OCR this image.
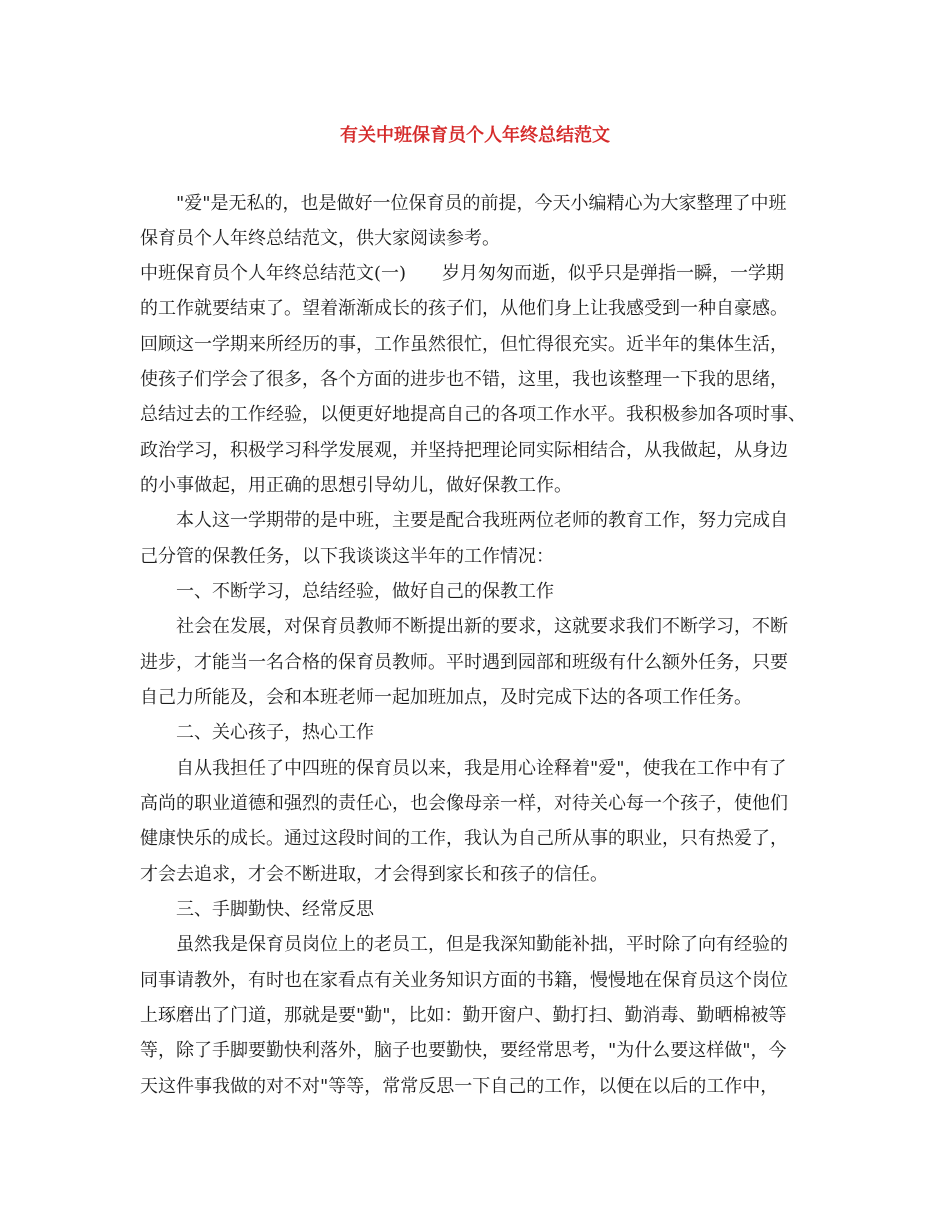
有关中班保育员个人年终总结范文
"爱"是无私的，也是做好一位保育员的前提，今天小编精心为大家整理了中班
保育员个人年终总结范文，供大家阅读参考。
中班保育员个人年终总结范文(一)　　岁月匆匆而逝，似乎只是弹指一瞬，一学期
的工作就要结束了。望着渐渐成长的孩子们，从他们身上让我感受到一种自豪感。
回顾这一学期来所经历的事，工作虽然很忙，但忙得很充实。近半年的集体生活，
使孩子们学会了很多，各个方面的进步也不错，这里，我也该整理一下我的思绪，
总结过去的工作经验，以便更好地提高自己的各项工作水平。我积极参加各项时事、
政治学习，积极学习科学发展观，并坚持把理论同实际相结合，从我做起，从身边
的小事做起，用正确的思想引导幼儿，做好保教工作。
本人这一学期带的是中班，主要是配合我班两位老师的教育工作，努力完成自
己分管的保教任务，以下我谈谈这半年的工作情况：
一、不断学习，总结经验，做好自己的保教工作
社会在发展，对保育员教师不断提出新的要求，这就要求我们不断学习，不断
进步，才能当一名合格的保育员教师。平时遇到园部和班级有什么额外任务，只要
自己力所能及，会和本班老师一起加班加点，及时完成下达的各项工作任务。
二、关心孩子，热心工作
自从我担任了中四班的保育员以来，我是用心诠释着"爱"，使我在工作中有了
高尚的职业道德和强烈的责任心，也会像母亲一样，对待关心每一个孩子，使他们
健康快乐的成长。通过这段时间的工作，我认为自己所从事的职业，只有热爱了，
才会去追求，才会不断进取，才会得到家长和孩子的信任。
三、手脚勤快、经常反思
虽然我是保育员岗位上的老员工，但是我深知勤能补拙，平时除了向有经验的
同事请教外，有时也在家看点有关业务知识方面的书籍，慢慢地在保育员这个岗位
上琢磨出了门道，那就是要"勤"，比如：勤开窗户、勤打扫、勤消毒、勤晒棉被等
等，除了手脚要勤快利落外，脑子也要勤快，要经常思考，"为什么要这样做"，今
天这件事我做的对不对"等等，常常反思一下自己的工作，以便在以后的工作中，
